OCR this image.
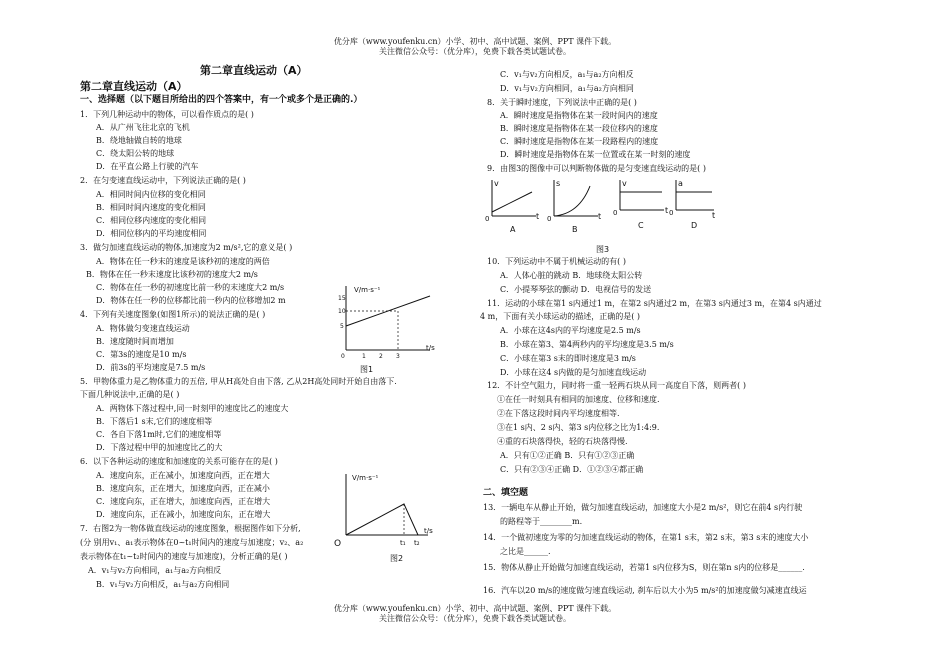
优分库（www.youfenku.cn）小学、初中、高中试题、案例、PPT 课件下载。
关注微信公众号：（优分库），免费下载各类试题试卷。
第二章直线运动（A）
第二章直线运动（A）
一、选择题（以下题目所给出的四个答案中，有一个或多个是正确的.）
1．下列几种运动中的物体，可以看作质点的是( )
A．从广州飞往北京的飞机
B．绕地轴做自转的地球
C．绕太阳公转的地球
D．在平直公路上行驶的汽车
2．在匀变速直线运动中，下列说法正确的是( )
A．相同时间内位移的变化相同
B．相同时间内速度的变化相同
C．相同位移内速度的变化相同
D．相同位移内的平均速度相同
3．做匀加速直线运动的物体,加速度为2 m/s²,它的意义是( )
A．物体在任一秒末的速度是该秒初的速度的两倍
B．物体在任一秒末速度比该秒初的速度大2 m/s
C．物体在任一秒的初速度比前一秒的末速度大2 m/s
D．物体在任一秒的位移都比前一秒内的位移增加2 m
4．下列有关速度图象(如图1所示)的说法正确的是( )
A．物体做匀变速直线运动
B．速度随时间而增加
C．第3s的速度是10 m/s
D．前3s的平均速度是7.5 m/s
5．甲物体重力是乙物体重力的五倍, 甲从H高处自由下落, 乙从2H高处同时开始自由落下.
下面几种说法中,正确的是( )
A．两物体下落过程中,同一时刻甲的速度比乙的速度大
B．下落后1 s末,它们的速度相等
C．各自下落1m时,它们的速度相等
D．下落过程中甲的加速度比乙的大
6．以下各种运动的速度和加速度的关系可能存在的是( )
A．速度向东，正在减小，加速度向西，正在增大
B．速度向东，正在增大，加速度向西，正在减小
C．速度向东，正在增大，加速度向西，正在增大
D．速度向东，正在减小，加速度向东，正在增大
7．右图2为一物体做直线运动的速度图象，根据图作如下分析,
(分 别用v₁、a₁表示物体在0~t₁时间内的速度与加速度；v₂、a₂
表示物体在t₁~t₂时间内的速度与加速度)，分析正确的是( )
A．v₁与v₂方向相同，a₁与a₂方向相反
B．v₁与v₂方向相反，a₁与a₂方向相同
V/m·s⁻¹
15
10
5
0	1 2 3
t/s
图1
V/m·s⁻¹
O	t₁ t₂
t/s
图2
C．v₁与v₂方向相反，a₁与a₂方向相反
D．v₁与v₂方向相同，a₁与a₂方向相同
8．关于瞬时速度，下列说法中正确的是( )
A．瞬时速度是指物体在某一段时间内的速度
B．瞬时速度是指物体在某一段位移内的速度
C．瞬时速度是指物体在某一段路程内的速度
D．瞬时速度是指物体在某一位置或在某一时刻的速度
9．由图3的图像中可以判断物体做的是匀变速直线运动的是( )
10．下列运动中不属于机械运动的有( )
A．人体心脏的跳动 B．地球绕太阳公转
C．小提琴琴弦的颤动 D．电视信号的发送
11．运动的小球在第1 s内通过1 m，在第2 s内通过2 m，在第3 s内通过3 m，在第4 s内通过
4 m，下面有关小球运动的描述，正确的是( )
A．小球在这4s内的平均速度是2.5 m/s
B．小球在第3、第4两秒内的平均速度是3.5 m/s
C．小球在第3 s末的即时速度是3 m/s
D．小球在这4 s内做的是匀加速直线运动
12．不计空气阻力，同时将一重一轻两石块从同一高度自下落，则两者( )
①在任一时刻具有相同的加速度、位移和速度.
②在下落这段时间内平均速度相等.
③在1 s内、2 s内、第3 s内位移之比为1:4:9.
④重的石块落得快，轻的石块落得慢.
A．只有①②正确 B．只有①②③正确
C．只有②③④正确 D．①②③④都正确
二、填空题
13．一辆电车从静止开始，做匀加速直线运动，加速度大小是2 m/s²，则它在前4 s内行驶
的路程等于________m.
14．一个做初速度为零的匀加速直线运动的物体，在第1 s末，第2 s末，第3 s末的速度大小
之比是______.
15．物体从静止开始做匀加速直线运动，若第1 s内位移为S，则在第n s内的位移是______.
16．汽车以20 m/s的速度做匀速直线运动, 刹车后以大小为5 m/s²的加速度做匀减速直线运
v
0	t
A
s
0	t
B
v
0	t
C
a
0	t
D
图3
优分库（www.youfenku.cn）小学、初中、高中试题、案例、PPT 课件下载。
关注微信公众号：（优分库），免费下载各类试题试卷。
